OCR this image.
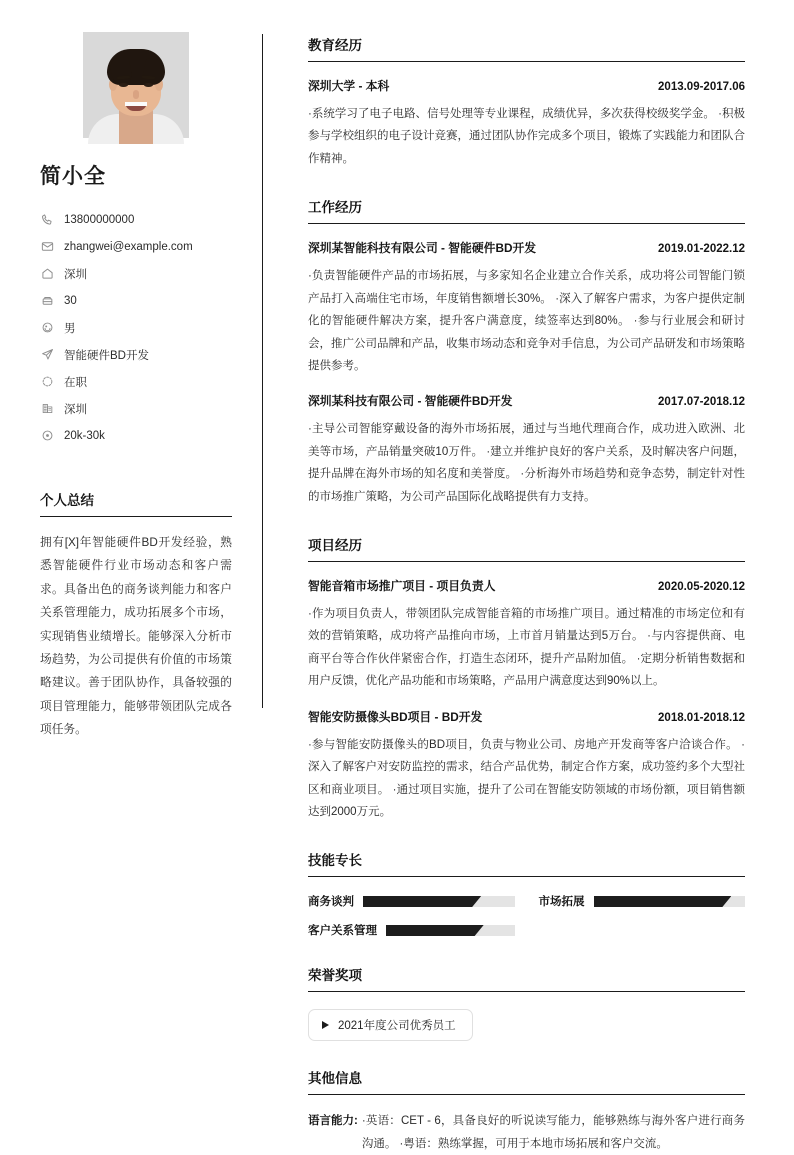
简小全
13800000000
zhangwei@example.com
深圳
30
男
智能硬件BD开发
在职
深圳
20k-30k
个人总结

拥有[X]年智能硬件BD开发经验，熟悉智能硬件行业市场动态和客户需求。具备出色的商务谈判能力和客户关系管理能力，成功拓展多个市场，实现销售业绩增长。能够深入分析市场趋势，为公司提供有价值的市场策略建议。善于团队协作，具备较强的项目管理能力，能够带领团队完成各项任务。

教育经历
深圳大学 - 本科	2013.09-2017.06

·系统学习了电子电路、信号处理等专业课程，成绩优异，多次获得校级奖学金。 ·积极参与学校组织的电子设计竞赛，通过团队协作完成多个项目，锻炼了实践能力和团队合作精神。

工作经历
深圳某智能科技有限公司 - 智能硬件BD开发	2019.01-2022.12

·负责智能硬件产品的市场拓展，与多家知名企业建立合作关系，成功将公司智能门锁产品打入高端住宅市场，年度销售额增长30%。 ·深入了解客户需求，为客户提供定制化的智能硬件解决方案，提升客户满意度，续签率达到80%。 ·参与行业展会和研讨会，推广公司品牌和产品，收集市场动态和竞争对手信息，为公司产品研发和市场策略提供参考。

深圳某科技有限公司 - 智能硬件BD开发	2017.07-2018.12

·主导公司智能穿戴设备的海外市场拓展，通过与当地代理商合作，成功进入欧洲、北美等市场，产品销量突破10万件。 ·建立并维护良好的客户关系，及时解决客户问题，提升品牌在海外市场的知名度和美誉度。 ·分析海外市场趋势和竞争态势，制定针对性的市场推广策略，为公司产品国际化战略提供有力支持。

项目经历
智能音箱市场推广项目 - 项目负责人	2020.05-2020.12

·作为项目负责人，带领团队完成智能音箱的市场推广项目。通过精准的市场定位和有效的营销策略，成功将产品推向市场，上市首月销量达到5万台。 ·与内容提供商、电商平台等合作伙伴紧密合作，打造生态闭环，提升产品附加值。 ·定期分析销售数据和用户反馈，优化产品功能和市场策略，产品用户满意度达到90%以上。

智能安防摄像头BD项目 - BD开发	2018.01-2018.12

·参与智能安防摄像头的BD项目，负责与物业公司、房地产开发商等客户洽谈合作。 ·深入了解客户对安防监控的需求，结合产品优势，制定合作方案，成功签约多个大型社区和商业项目。 ·通过项目实施，提升了公司在智能安防领域的市场份额，项目销售额达到2000万元。

技能专长
商务谈判	市场拓展
客户关系管理
荣誉奖项
2021年度公司优秀员工
其他信息
语言能力: ·英语：CET - 6，具备良好的听说读写能力，能够熟练与海外客户进行商务沟通。 ·粤语：熟练掌握，可用于本地市场拓展和客户交流。
